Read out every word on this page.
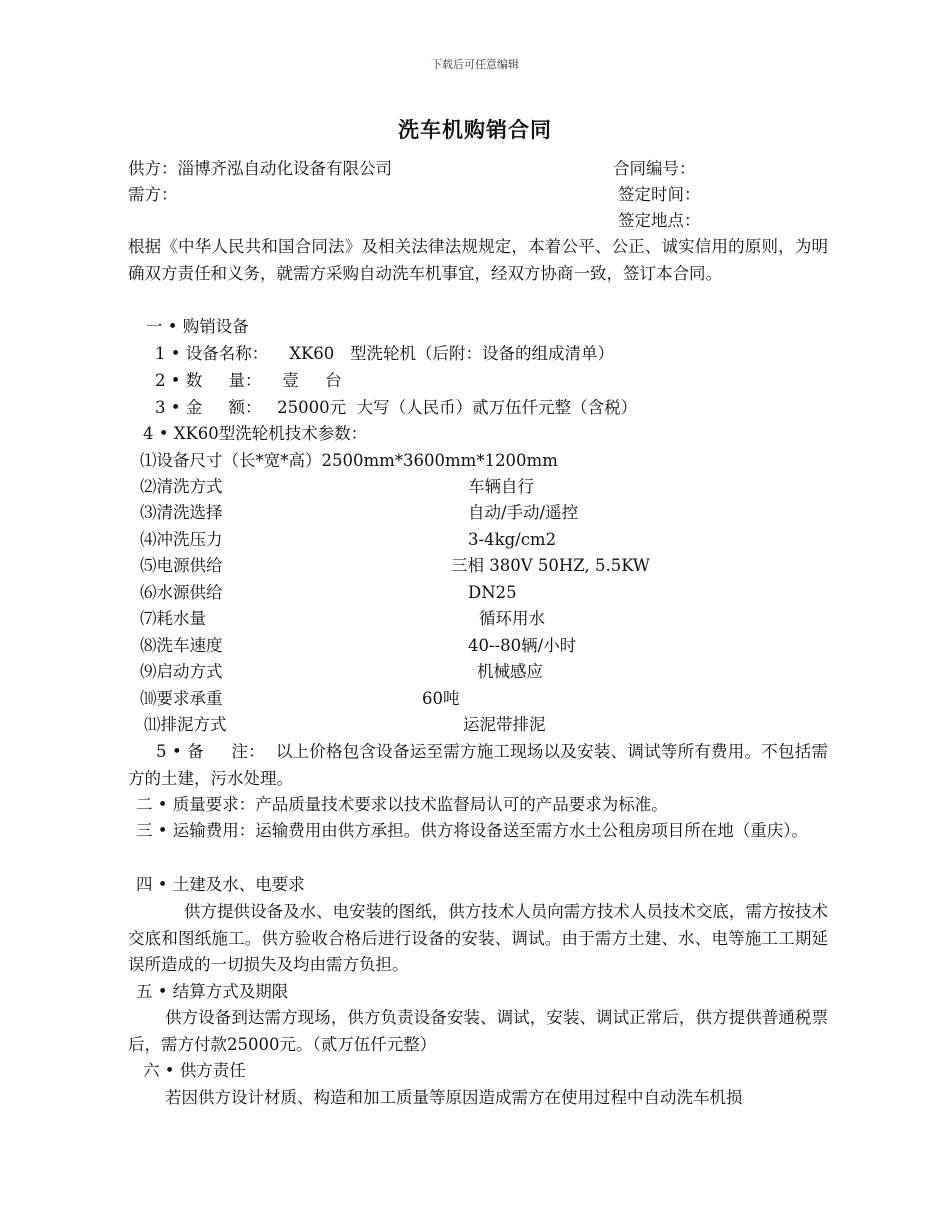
下载后可任意编辑
洗车机购销合同
供方：淄博齐泓自动化设备有限公司	合同编号：
需方：	签定时间：
签定地点：
根据《中华人民共和国合同法》及相关法律法规规定，本着公平、公正、诚实信用的原则，为明确双方责任和义务，就需方采购自动洗车机事宜，经双方协商一致，签订本合同。
一 • 购销设备
1 • 设备名称：    XK60   型洗轮机（后附：设备的组成清单）
2 • 数     量：    壹     台
3 • 金     额：   25000元  大写（人民币）贰万伍仟元整（含税）
4 • XK60型洗轮机技术参数：
⑴设备尺寸（长*宽*高）2500mm*3600mm*1200mm
⑵清洗方式	车辆自行
⑶清洗选择	自动/手动/遥控
⑷冲洗压力	3-4kg/cm2
⑸电源供给	三相 380V 50HZ, 5.5KW
⑹水源供给	DN25
⑺耗水量	循环用水
⑻洗车速度	40--80辆/小时
⑼启动方式	机械感应
⑽要求承重	60吨
⑾排泥方式	运泥带排泥
5 • 备     注：  以上价格包含设备运至需方施工现场以及安装、调试等所有费用。不包括需方的土建，污水处理。
二 • 质量要求：产品质量技术要求以技术监督局认可的产品要求为标准。
三 • 运输费用：运输费用由供方承担。供方将设备送至需方水土公租房项目所在地（重庆）。
四 • 土建及水、电要求
供方提供设备及水、电安装的图纸，供方技术人员向需方技术人员技术交底，需方按技术交底和图纸施工。供方验收合格后进行设备的安装、调试。由于需方土建、水、电等施工工期延误所造成的一切损失及均由需方负担。
五 • 结算方式及期限
供方设备到达需方现场，供方负责设备安装、调试，安装、调试正常后，供方提供普通税票后，需方付款25000元。（贰万伍仟元整）
六 • 供方责任
若因供方设计材质、构造和加工质量等原因造成需方在使用过程中自动洗车机损
